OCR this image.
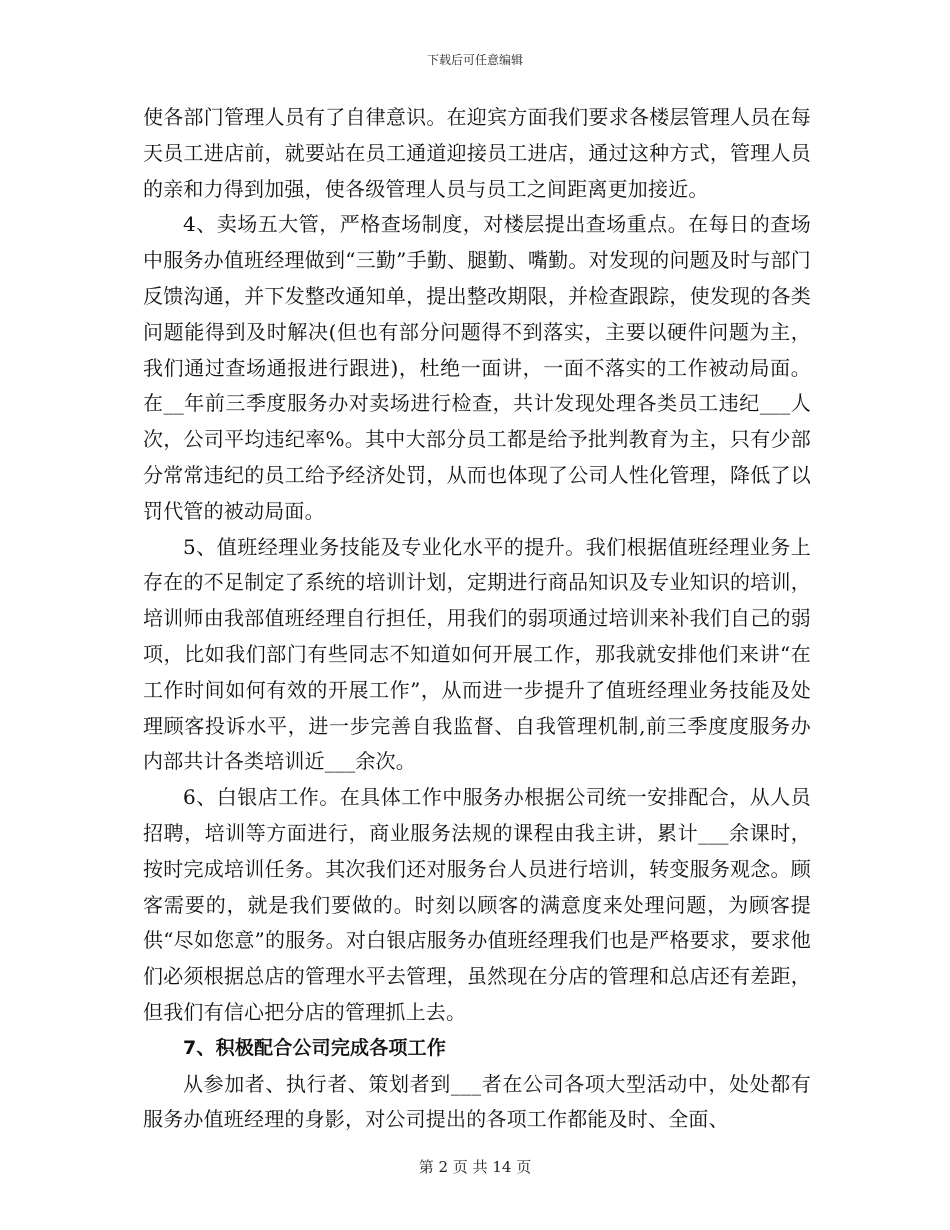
下载后可任意编辑

使各部门管理人员有了自律意识。在迎宾方面我们要求各楼层管理人员在每天员工进店前，就要站在员工通道迎接员工进店，通过这种方式，管理人员的亲和力得到加强，使各级管理人员与员工之间距离更加接近。

4、卖场五大管，严格查场制度，对楼层提出查场重点。在每日的查场中服务办值班经理做到“三勤”手勤、腿勤、嘴勤。对发现的问题及时与部门反馈沟通，并下发整改通知单，提出整改期限，并检查跟踪，使发现的各类问题能得到及时解决(但也有部分问题得不到落实，主要以硬件问题为主，我们通过查场通报进行跟进)，杜绝一面讲，一面不落实的工作被动局面。在__年前三季度服务办对卖场进行检查，共计发现处理各类员工违纪___人次，公司平均违纪率%。其中大部分员工都是给予批判教育为主，只有少部分常常违纪的员工给予经济处罚，从而也体现了公司人性化管理，降低了以罚代管的被动局面。

5、值班经理业务技能及专业化水平的提升。我们根据值班经理业务上存在的不足制定了系统的培训计划，定期进行商品知识及专业知识的培训，培训师由我部值班经理自行担任，用我们的弱项通过培训来补我们自己的弱项，比如我们部门有些同志不知道如何开展工作，那我就安排他们来讲“在工作时间如何有效的开展工作”，从而进一步提升了值班经理业务技能及处理顾客投诉水平，进一步完善自我监督、自我管理机制,前三季度度服务办内部共计各类培训近___余次。

6、白银店工作。在具体工作中服务办根据公司统一安排配合，从人员招聘，培训等方面进行，商业服务法规的课程由我主讲，累计___余课时，按时完成培训任务。其次我们还对服务台人员进行培训，转变服务观念。顾客需要的，就是我们要做的。时刻以顾客的满意度来处理问题，为顾客提供“尽如您意”的服务。对白银店服务办值班经理我们也是严格要求，要求他们必须根据总店的管理水平去管理，虽然现在分店的管理和总店还有差距，但我们有信心把分店的管理抓上去。

7、积极配合公司完成各项工作

从参加者、执行者、策划者到___者在公司各项大型活动中，处处都有服务办值班经理的身影，对公司提出的各项工作都能及时、全面、

第 2 页 共 14 页
